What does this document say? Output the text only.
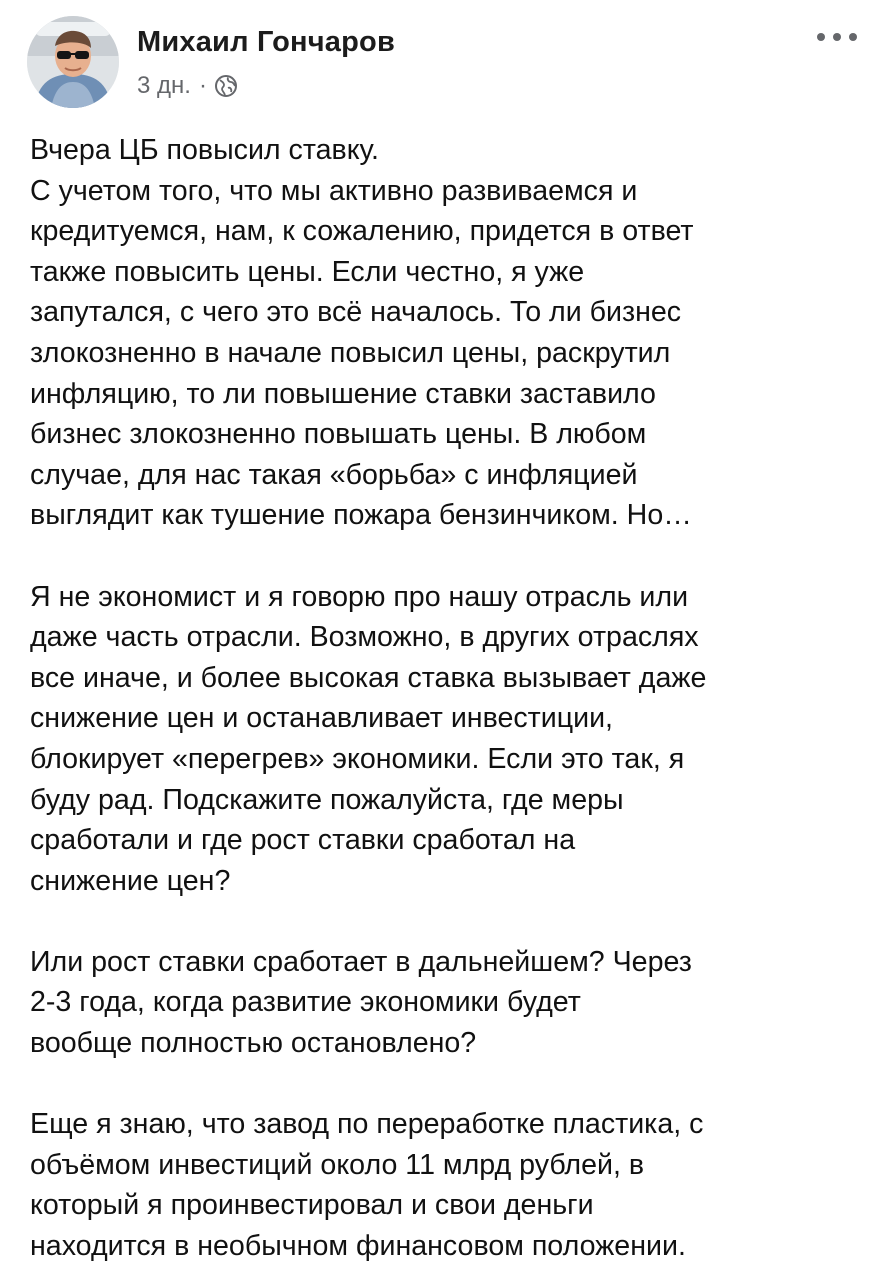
Михаил Гончаров
3 дн. ·
Вчера ЦБ повысил ставку.
С учетом того, что мы активно развиваемся и
кредитуемся, нам, к сожалению, придется в ответ
также повысить цены. Если честно, я уже
запутался, с чего это всё началось. То ли бизнес
злокозненно в начале повысил цены, раскрутил
инфляцию, то ли повышение ставки заставило
бизнес злокозненно повышать цены. В любом
случае, для нас такая «борьба» с инфляцией
выглядит как тушение пожара бензинчиком. Но…
Я не экономист и я говорю про нашу отрасль или
даже часть отрасли. Возможно, в других отраслях
все иначе, и более высокая ставка вызывает даже
снижение цен и останавливает инвестиции,
блокирует «перегрев» экономики. Если это так, я
буду рад. Подскажите пожалуйста, где меры
сработали и где рост ставки сработал на
снижение цен?
Или рост ставки сработает в дальнейшем? Через
2-3 года, когда развитие экономики будет
вообще полностью остановлено?
Еще я знаю, что завод по переработке пластика, с
объёмом инвестиций около 11 млрд рублей, в
который я проинвестировал и свои деньги
находится в необычном финансовом положении.
